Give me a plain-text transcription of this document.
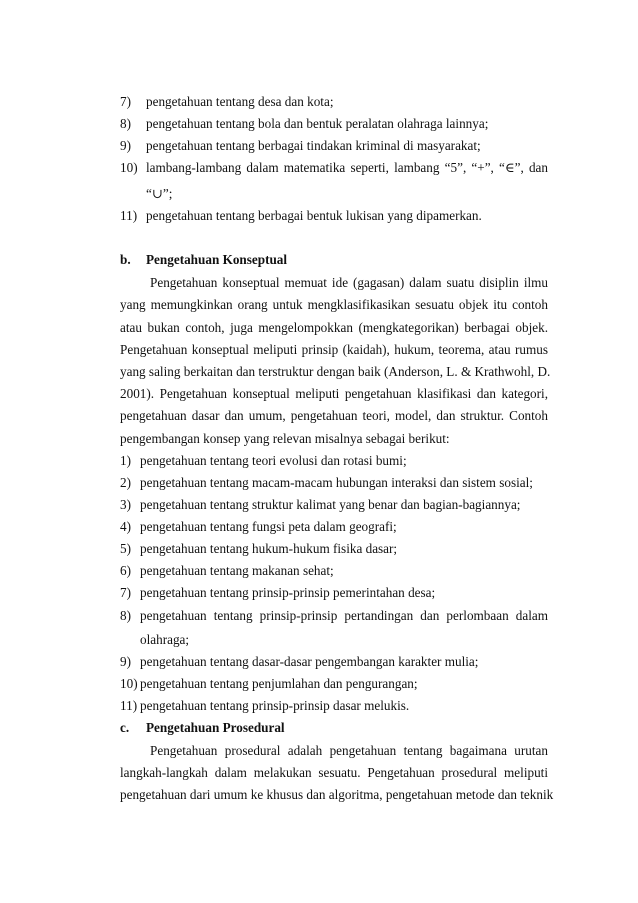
7) pengetahuan tentang desa dan kota;
8) pengetahuan tentang bola dan bentuk peralatan olahraga lainnya;
9) pengetahuan tentang berbagai tindakan kriminal di masyarakat;
10) lambang-lambang dalam matematika seperti, lambang “5”, “+”, “∈”, dan
“∪”;
11) pengetahuan tentang berbagai bentuk lukisan yang dipamerkan.
b. Pengetahuan Konseptual
Pengetahuan konseptual memuat ide (gagasan) dalam suatu disiplin ilmu
yang memungkinkan orang untuk mengklasifikasikan sesuatu objek itu contoh
atau bukan contoh, juga mengelompokkan (mengkategorikan) berbagai objek.
Pengetahuan konseptual meliputi prinsip (kaidah), hukum, teorema, atau rumus
yang saling berkaitan dan terstruktur dengan baik (Anderson, L. & Krathwohl, D.
2001). Pengetahuan konseptual meliputi pengetahuan klasifikasi dan kategori,
pengetahuan dasar dan umum, pengetahuan teori, model, dan struktur. Contoh
pengembangan konsep yang relevan misalnya sebagai berikut:
1) pengetahuan tentang teori evolusi dan rotasi bumi;
2) pengetahuan tentang macam-macam hubungan interaksi dan sistem sosial;
3) pengetahuan tentang struktur kalimat yang benar dan bagian-bagiannya;
4) pengetahuan tentang fungsi peta dalam geografi;
5) pengetahuan tentang hukum-hukum fisika dasar;
6) pengetahuan tentang makanan sehat;
7) pengetahuan tentang prinsip-prinsip pemerintahan desa;
8) pengetahuan tentang prinsip-prinsip pertandingan dan perlombaan dalam
olahraga;
9) pengetahuan tentang dasar-dasar pengembangan karakter mulia;
10) pengetahuan tentang penjumlahan dan pengurangan;
11) pengetahuan tentang prinsip-prinsip dasar melukis.
c. Pengetahuan Prosedural
Pengetahuan prosedural adalah pengetahuan tentang bagaimana urutan
langkah-langkah dalam melakukan sesuatu. Pengetahuan prosedural meliputi
pengetahuan dari umum ke khusus dan algoritma, pengetahuan metode dan teknik
